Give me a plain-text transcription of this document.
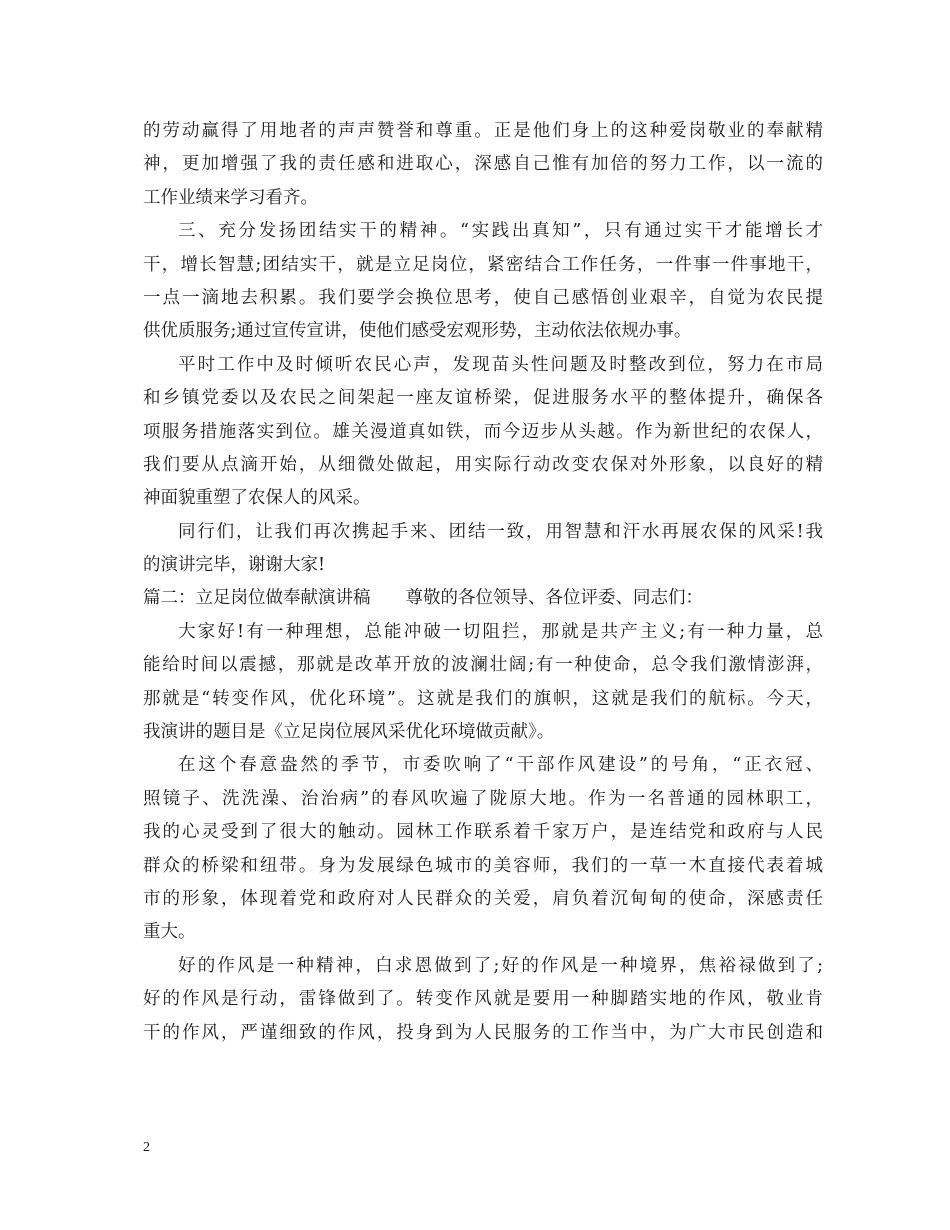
的劳动赢得了用地者的声声赞誉和尊重。正是他们身上的这种爱岗敬业的奉献精
神，更加增强了我的责任感和进取心，深感自己惟有加倍的努力工作，以一流的
工作业绩来学习看齐。
三、充分发扬团结实干的精神。“实践出真知”，只有通过实干才能增长才
干，增长智慧;团结实干，就是立足岗位，紧密结合工作任务，一件事一件事地干，
一点一滴地去积累。我们要学会换位思考，使自己感悟创业艰辛，自觉为农民提
供优质服务;通过宣传宣讲，使他们感受宏观形势，主动依法依规办事。
平时工作中及时倾听农民心声，发现苗头性问题及时整改到位，努力在市局
和乡镇党委以及农民之间架起一座友谊桥梁，促进服务水平的整体提升，确保各
项服务措施落实到位。雄关漫道真如铁，而今迈步从头越。作为新世纪的农保人，
我们要从点滴开始，从细微处做起，用实际行动改变农保对外形象，以良好的精
神面貌重塑了农保人的风采。
同行们，让我们再次携起手来、团结一致，用智慧和汗水再展农保的风采!我
的演讲完毕，谢谢大家!
篇二：立足岗位做奉献演讲稿　　尊敬的各位领导、各位评委、同志们：
大家好!有一种理想，总能冲破一切阻拦，那就是共产主义;有一种力量，总
能给时间以震撼，那就是改革开放的波澜壮阔;有一种使命，总令我们激情澎湃，
那就是“转变作风，优化环境”。这就是我们的旗帜，这就是我们的航标。今天，
我演讲的题目是《立足岗位展风采优化环境做贡献》。
在这个春意盎然的季节，市委吹响了“干部作风建设”的号角，“正衣冠、
照镜子、洗洗澡、治治病”的春风吹遍了陇原大地。作为一名普通的园林职工，
我的心灵受到了很大的触动。园林工作联系着千家万户，是连结党和政府与人民
群众的桥梁和纽带。身为发展绿色城市的美容师，我们的一草一木直接代表着城
市的形象，体现着党和政府对人民群众的关爱，肩负着沉甸甸的使命，深感责任
重大。
好的作风是一种精神，白求恩做到了;好的作风是一种境界，焦裕禄做到了;
好的作风是行动，雷锋做到了。转变作风就是要用一种脚踏实地的作风，敬业肯
干的作风，严谨细致的作风，投身到为人民服务的工作当中，为广大市民创造和
2
